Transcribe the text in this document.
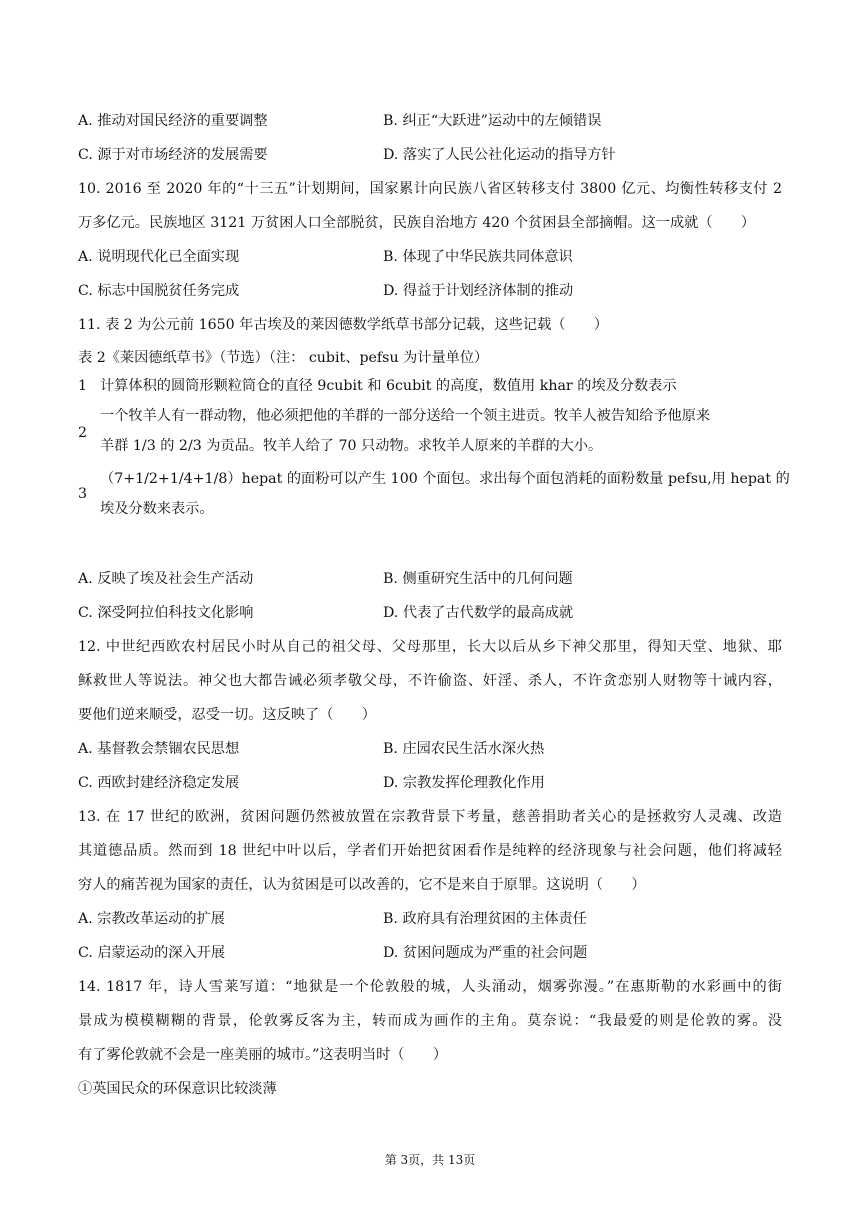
A. 推动对国民经济的重要调整	B. 纠正“大跃进”运动中的左倾错误
C. 源于对市场经济的发展需要	D. 落实了人民公社化运动的指导方针
10. 2016 至 2020 年的“十三五”计划期间，国家累计向民族八省区转移支付 3800 亿元、均衡性转移支付 2
万多亿元。民族地区 3121 万贫困人口全部脱贫，民族自治地方 420 个贫困县全部摘帽。这一成就（　　）
A. 说明现代化已全面实现	B. 体现了中华民族共同体意识
C. 标志中国脱贫任务完成	D. 得益于计划经济体制的推动
11. 表 2 为公元前 1650 年古埃及的莱因德数学纸草书部分记载，这些记载（　　）
表 2《莱因德纸草书》（节选）（注： cubit、pefsu 为计量单位）
1 计算体积的圆筒形颗粒筒仓的直径 9cubit 和 6cubit 的高度，数值用 khar 的埃及分数表示
2
一个牧羊人有一群动物，他必须把他的羊群的一部分送给一个领主进贡。牧羊人被告知给予他原来
羊群 1/3 的 2/3 为贡品。牧羊人给了 70 只动物。求牧羊人原来的羊群的大小。
3
（7+1/2+1/4+1/8）hepat 的面粉可以产生 100 个面包。求出每个面包消耗的面粉数量 pefsu,用 hepat 的
埃及分数来表示。
A. 反映了埃及社会生产活动	B. 侧重研究生活中的几何问题
C. 深受阿拉伯科技文化影响	D. 代表了古代数学的最高成就
12. 中世纪西欧农村居民小时从自己的祖父母、父母那里，长大以后从乡下神父那里，得知天堂、地狱、耶
稣救世人等说法。神父也大都告诫必须孝敬父母，不许偷盗、奸淫、杀人，不许贪恋别人财物等十诫内容，
要他们逆来顺受，忍受一切。这反映了（　　）
A. 基督教会禁锢农民思想	B. 庄园农民生活水深火热
C. 西欧封建经济稳定发展	D. 宗教发挥伦理教化作用
13. 在 17 世纪的欧洲，贫困问题仍然被放置在宗教背景下考量，慈善捐助者关心的是拯救穷人灵魂、改造
其道德品质。然而到 18 世纪中叶以后，学者们开始把贫困看作是纯粹的经济现象与社会问题，他们将减轻
穷人的痛苦视为国家的责任，认为贫困是可以改善的，它不是来自于原罪。这说明（　　）
A. 宗教改革运动的扩展	B. 政府具有治理贫困的主体责任
C. 启蒙运动的深入开展	D. 贫困问题成为严重的社会问题
14. 1817 年，诗人雪莱写道：“地狱是一个伦敦般的城，人头涌动，烟雾弥漫。”在惠斯勒的水彩画中的街
景成为模模糊糊的背景，伦敦雾反客为主，转而成为画作的主角。莫奈说：“我最爱的则是伦敦的雾。没
有了雾伦敦就不会是一座美丽的城市。”这表明当时（　　）
①英国民众的环保意识比较淡薄
第 3页，共 13页
